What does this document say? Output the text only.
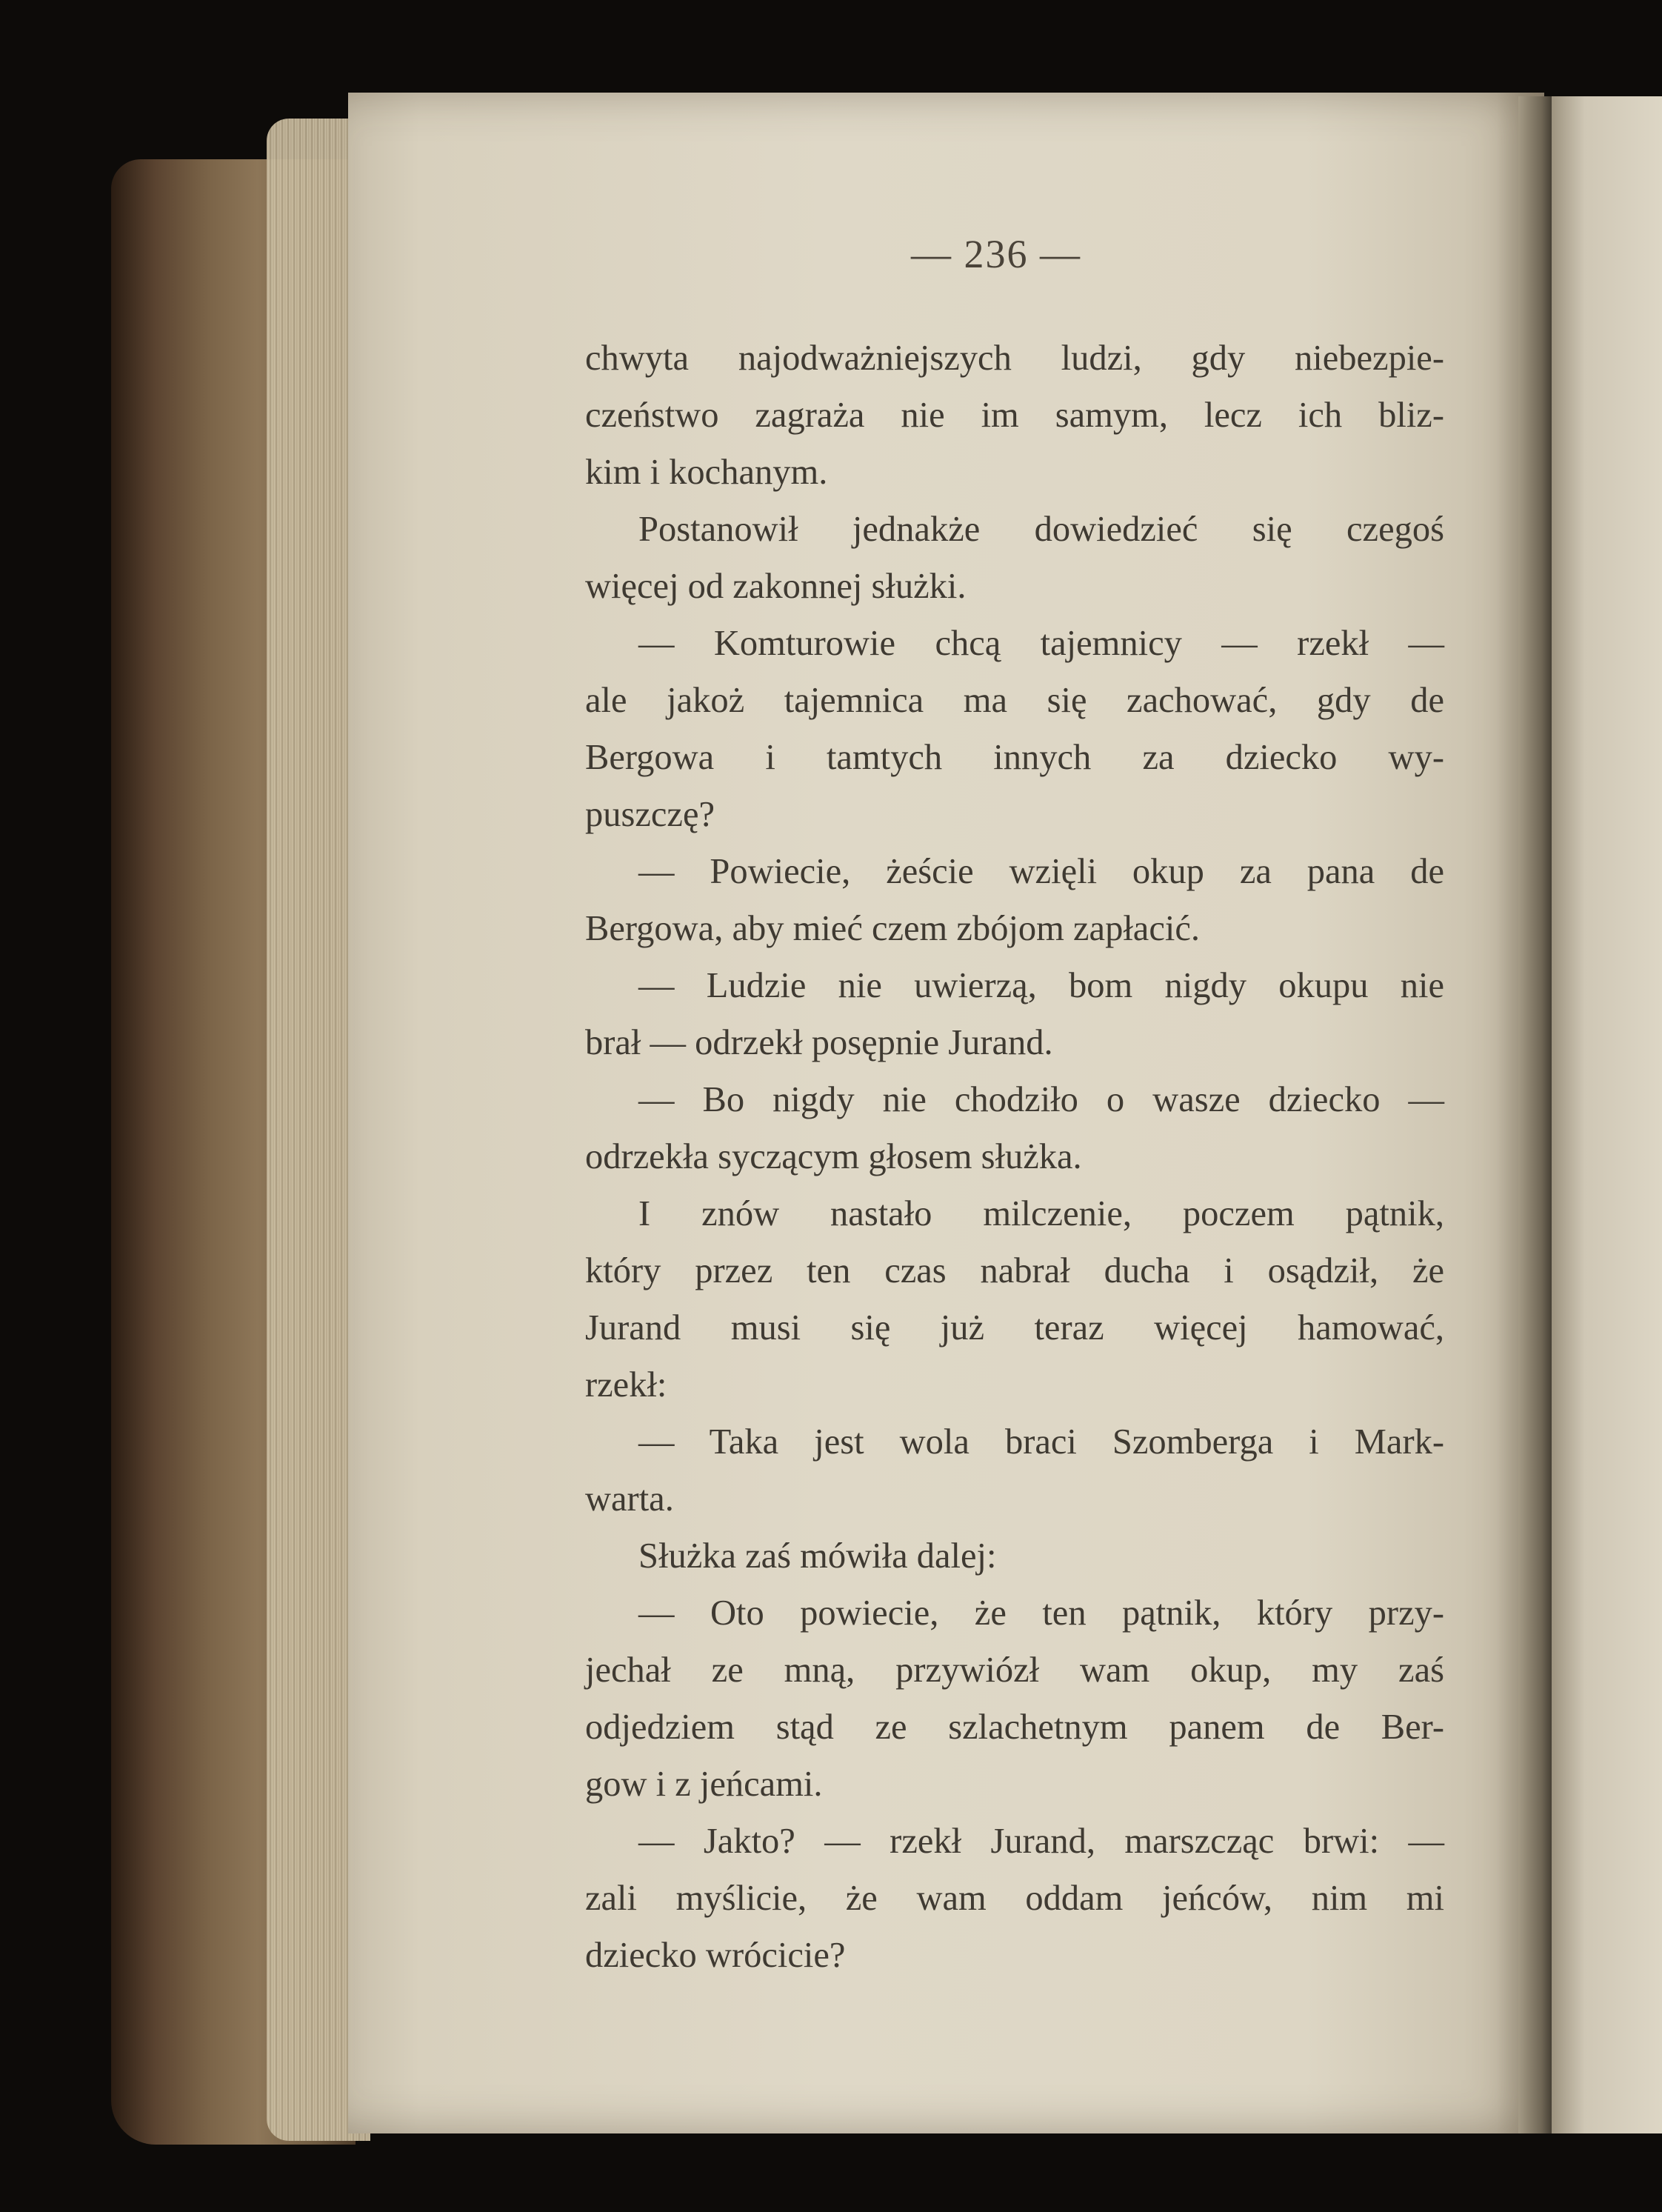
— 236 —
chwyta najodważniejszych ludzi, gdy niebezpie-
czeństwo zagraża nie im samym, lecz ich bliz-
kim i kochanym.
Postanowił jednakże dowiedzieć się czegoś
więcej od zakonnej służki.
— Komturowie chcą tajemnicy — rzekł —
ale jakoż tajemnica ma się zachować, gdy de
Bergowa i tamtych innych za dziecko wy-
puszczę?
— Powiecie, żeście wzięli okup za pana de
Bergowa, aby mieć czem zbójom zapłacić.
— Ludzie nie uwierzą, bom nigdy okupu nie
brał — odrzekł posępnie Jurand.
— Bo nigdy nie chodziło o wasze dziecko —
odrzekła syczącym głosem służka.
I znów nastało milczenie, poczem pątnik,
który przez ten czas nabrał ducha i osądził, że
Jurand musi się już teraz więcej hamować,
rzekł:
— Taka jest wola braci Szomberga i Mark-
warta.
Służka zaś mówiła dalej:
— Oto powiecie, że ten pątnik, który przy-
jechał ze mną, przywiózł wam okup, my zaś
odjedziem stąd ze szlachetnym panem de Ber-
gow i z jeńcami.
— Jakto? — rzekł Jurand, marszcząc brwi: —
zali myślicie, że wam oddam jeńców, nim mi
dziecko wrócicie?
